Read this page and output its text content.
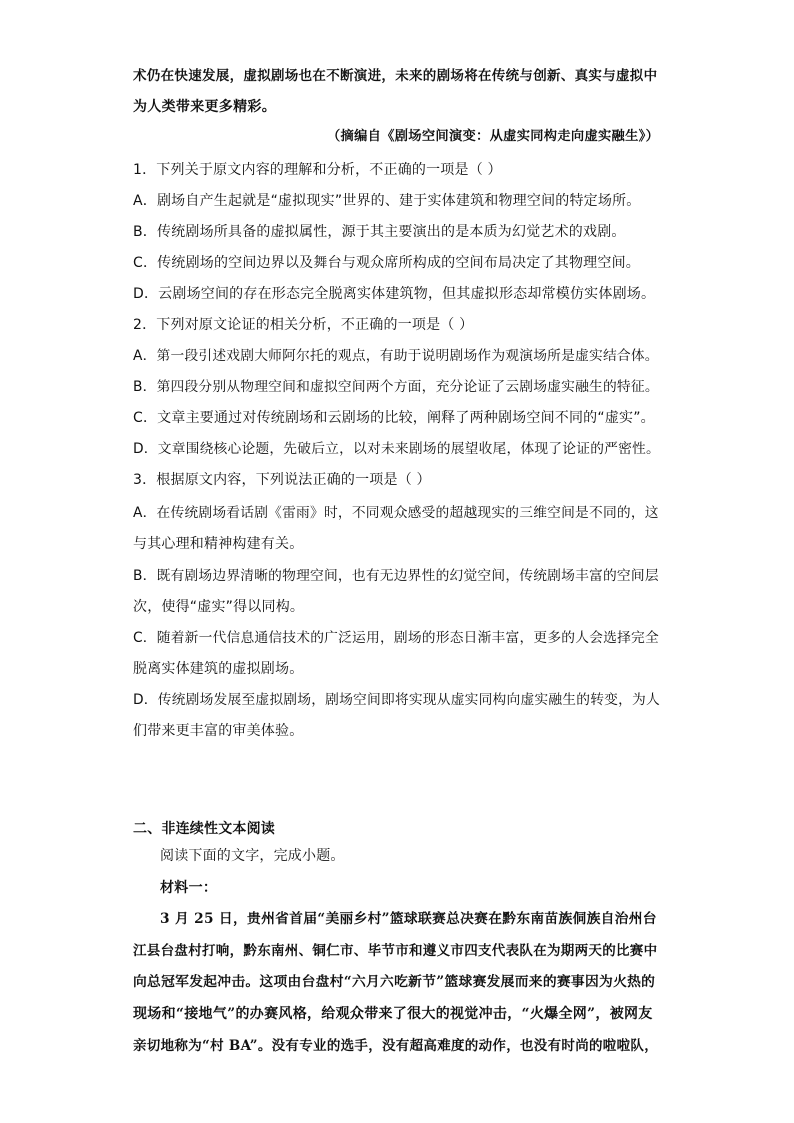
术仍在快速发展，虚拟剧场也在不断演进，未来的剧场将在传统与创新、真实与虚拟中
为人类带来更多精彩。
（摘编自《剧场空间演变：从虚实同构走向虚实融生》）
1．下列关于原文内容的理解和分析，不正确的一项是（ ）
A．剧场自产生起就是“虚拟现实”世界的、建于实体建筑和物理空间的特定场所。
B．传统剧场所具备的虚拟属性，源于其主要演出的是本质为幻觉艺术的戏剧。
C．传统剧场的空间边界以及舞台与观众席所构成的空间布局决定了其物理空间。
D．云剧场空间的存在形态完全脱离实体建筑物，但其虚拟形态却常模仿实体剧场。
2．下列对原文论证的相关分析，不正确的一项是（ ）
A．第一段引述戏剧大师阿尔托的观点，有助于说明剧场作为观演场所是虚实结合体。
B．第四段分别从物理空间和虚拟空间两个方面，充分论证了云剧场虚实融生的特征。
C．文章主要通过对传统剧场和云剧场的比较，阐释了两种剧场空间不同的“虚实”。
D．文章围绕核心论题，先破后立，以对未来剧场的展望收尾，体现了论证的严密性。
3．根据原文内容，下列说法正确的一项是（ ）
A．在传统剧场看话剧《雷雨》时，不同观众感受的超越现实的三维空间是不同的，这
与其心理和精神构建有关。
B．既有剧场边界清晰的物理空间，也有无边界性的幻觉空间，传统剧场丰富的空间层
次，使得“虚实”得以同构。
C．随着新一代信息通信技术的广泛运用，剧场的形态日渐丰富，更多的人会选择完全
脱离实体建筑的虚拟剧场。
D．传统剧场发展至虚拟剧场，剧场空间即将实现从虚实同构向虚实融生的转变，为人
们带来更丰富的审美体验。
二、非连续性文本阅读
阅读下面的文字，完成小题。
材料一：
3 月 25 日，贵州省首届“美丽乡村”篮球联赛总决赛在黔东南苗族侗族自治州台
江县台盘村打响，黔东南州、铜仁市、毕节市和遵义市四支代表队在为期两天的比赛中
向总冠军发起冲击。这项由台盘村“六月六吃新节”篮球赛发展而来的赛事因为火热的
现场和“接地气”的办赛风格，给观众带来了很大的视觉冲击，“火爆全网”，被网友
亲切地称为“村 BA”。没有专业的选手，没有超高难度的动作，也没有时尚的啦啦队，
